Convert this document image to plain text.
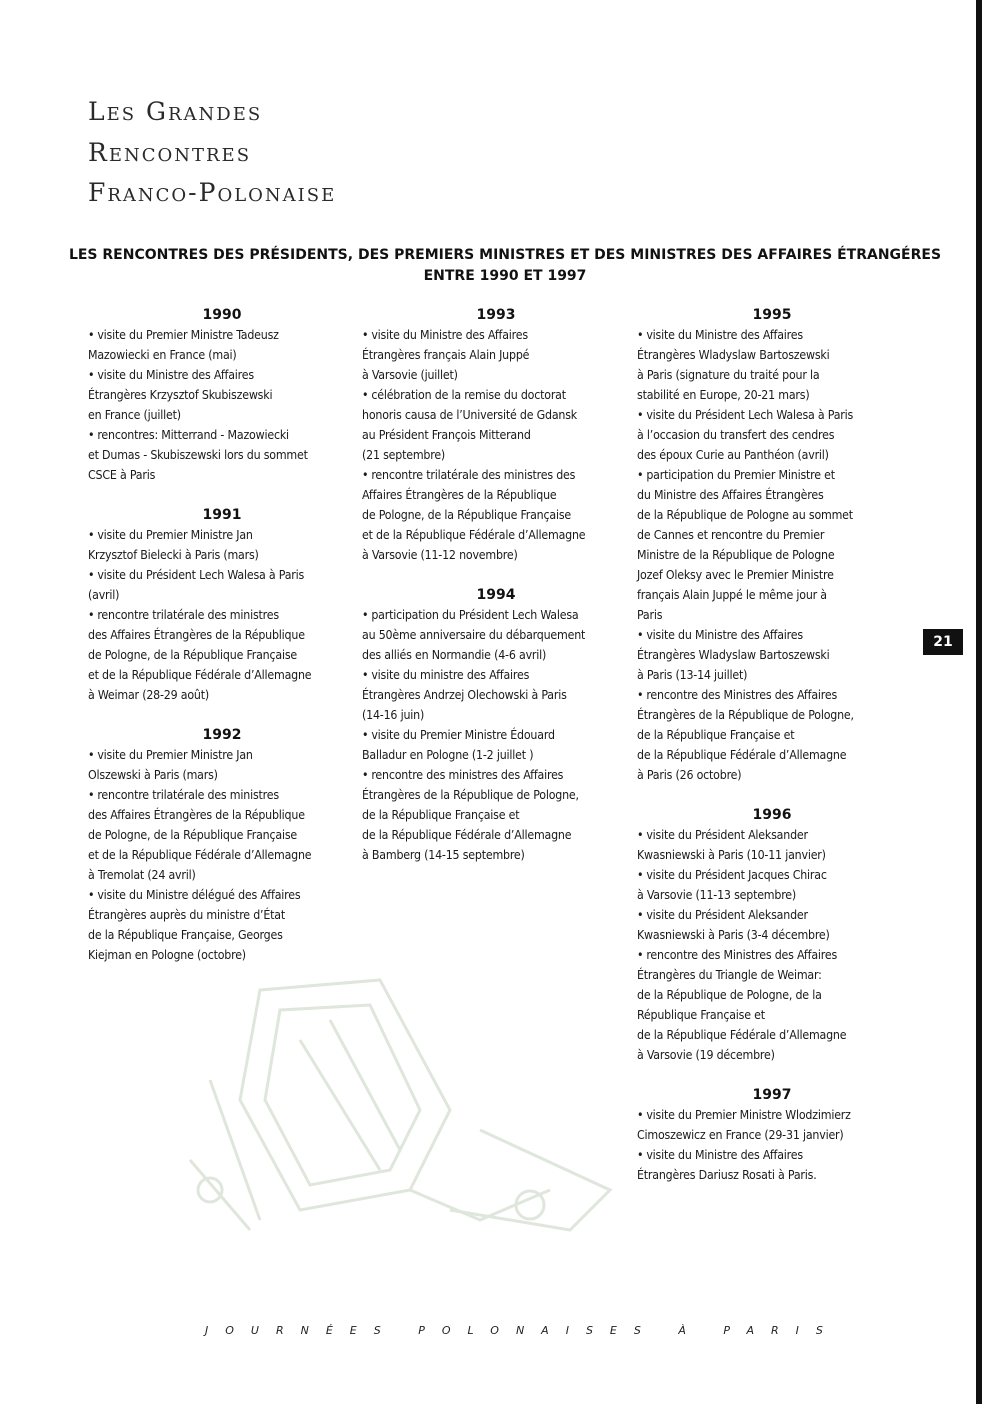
Les Grandes
Rencontres
Franco-Polonaise
LES RENCONTRES DES PRÉSIDENTS, DES PREMIERS MINISTRES ET DES MINISTRES DES AFFAIRES ÉTRANGÉRES
ENTRE 1990 ET 1997

1990

• visite du Premier Ministre Tadeusz
Mazowiecki en France (mai)

• visite du Ministre des Affaires
Étrangères Krzysztof Skubiszewski
en France (juillet)

• rencontres: Mitterrand - Mazowiecki
et Dumas - Skubiszewski lors du sommet
CSCE à Paris

1991

• visite du Premier Ministre Jan
Krzysztof Bielecki à Paris (mars)

• visite du Président Lech Walesa à Paris
(avril)

• rencontre trilatérale des ministres
des Affaires Étrangères de la République
de Pologne, de la République Française
et de la République Fédérale d’Allemagne
à Weimar (28-29 août)

1992

• visite du Premier Ministre Jan
Olszewski à Paris (mars)

• rencontre trilatérale des ministres
des Affaires Étrangères de la République
de Pologne, de la République Française
et de la République Fédérale d’Allemagne
à Tremolat (24 avril)

• visite du Ministre délégué des Affaires
Étrangères auprès du ministre d’État
de la République Française, Georges
Kiejman en Pologne (octobre)

1993

• visite du Ministre des Affaires
Étrangères français Alain Juppé
à Varsovie (juillet)

• célébration de la remise du doctorat
honoris causa de l’Université de Gdansk
au Président François Mitterand
(21 septembre)

• rencontre trilatérale des ministres des
Affaires Étrangères de la République
de Pologne, de la République Française
et de la République Fédérale d’Allemagne
à Varsovie (11-12 novembre)

1994

• participation du Président Lech Walesa
au 50ème anniversaire du débarquement
des alliés en Normandie (4-6 avril)

• visite du ministre des Affaires
Étrangères Andrzej Olechowski à Paris
(14-16 juin)

• visite du Premier Ministre Édouard
Balladur en Pologne (1-2 juillet )

• rencontre des ministres des Affaires
Étrangères de la République de Pologne,
de la République Française et
de la République Fédérale d’Allemagne
à Bamberg (14-15 septembre)

1995

• visite du Ministre des Affaires
Étrangères Wladyslaw Bartoszewski
à Paris (signature du traité pour la
stabilité en Europe, 20-21 mars)

• visite du Président Lech Walesa à Paris
à l’occasion du transfert des cendres
des époux Curie au Panthéon (avril)

• participation du Premier Ministre et
du Ministre des Affaires Étrangères
de la République de Pologne au sommet
de Cannes et rencontre du Premier
Ministre de la République de Pologne
Jozef Oleksy avec le Premier Ministre
français Alain Juppé le même jour à
Paris

• visite du Ministre des Affaires
Étrangères Wladyslaw Bartoszewski
à Paris (13-14 juillet)

• rencontre des Ministres des Affaires
Étrangères de la République de Pologne,
de la République Française et
de la République Fédérale d’Allemagne
à Paris (26 octobre)

1996

• visite du Président Aleksander
Kwasniewski à Paris (10-11 janvier)

• visite du Président Jacques Chirac
à Varsovie (11-13 septembre)

• visite du Président Aleksander
Kwasniewski à Paris (3-4 décembre)

• rencontre des Ministres des Affaires
Étrangères du Triangle de Weimar:
de la République de Pologne, de la
République Française et
de la République Fédérale d’Allemagne
à Varsovie (19 décembre)

1997

• visite du Premier Ministre Wlodzimierz
Cimoszewicz en France (29-31 janvier)

• visite du Ministre des Affaires
Étrangères Dariusz Rosati à Paris.

21
JOURNÉES POLONAISES À PARIS
